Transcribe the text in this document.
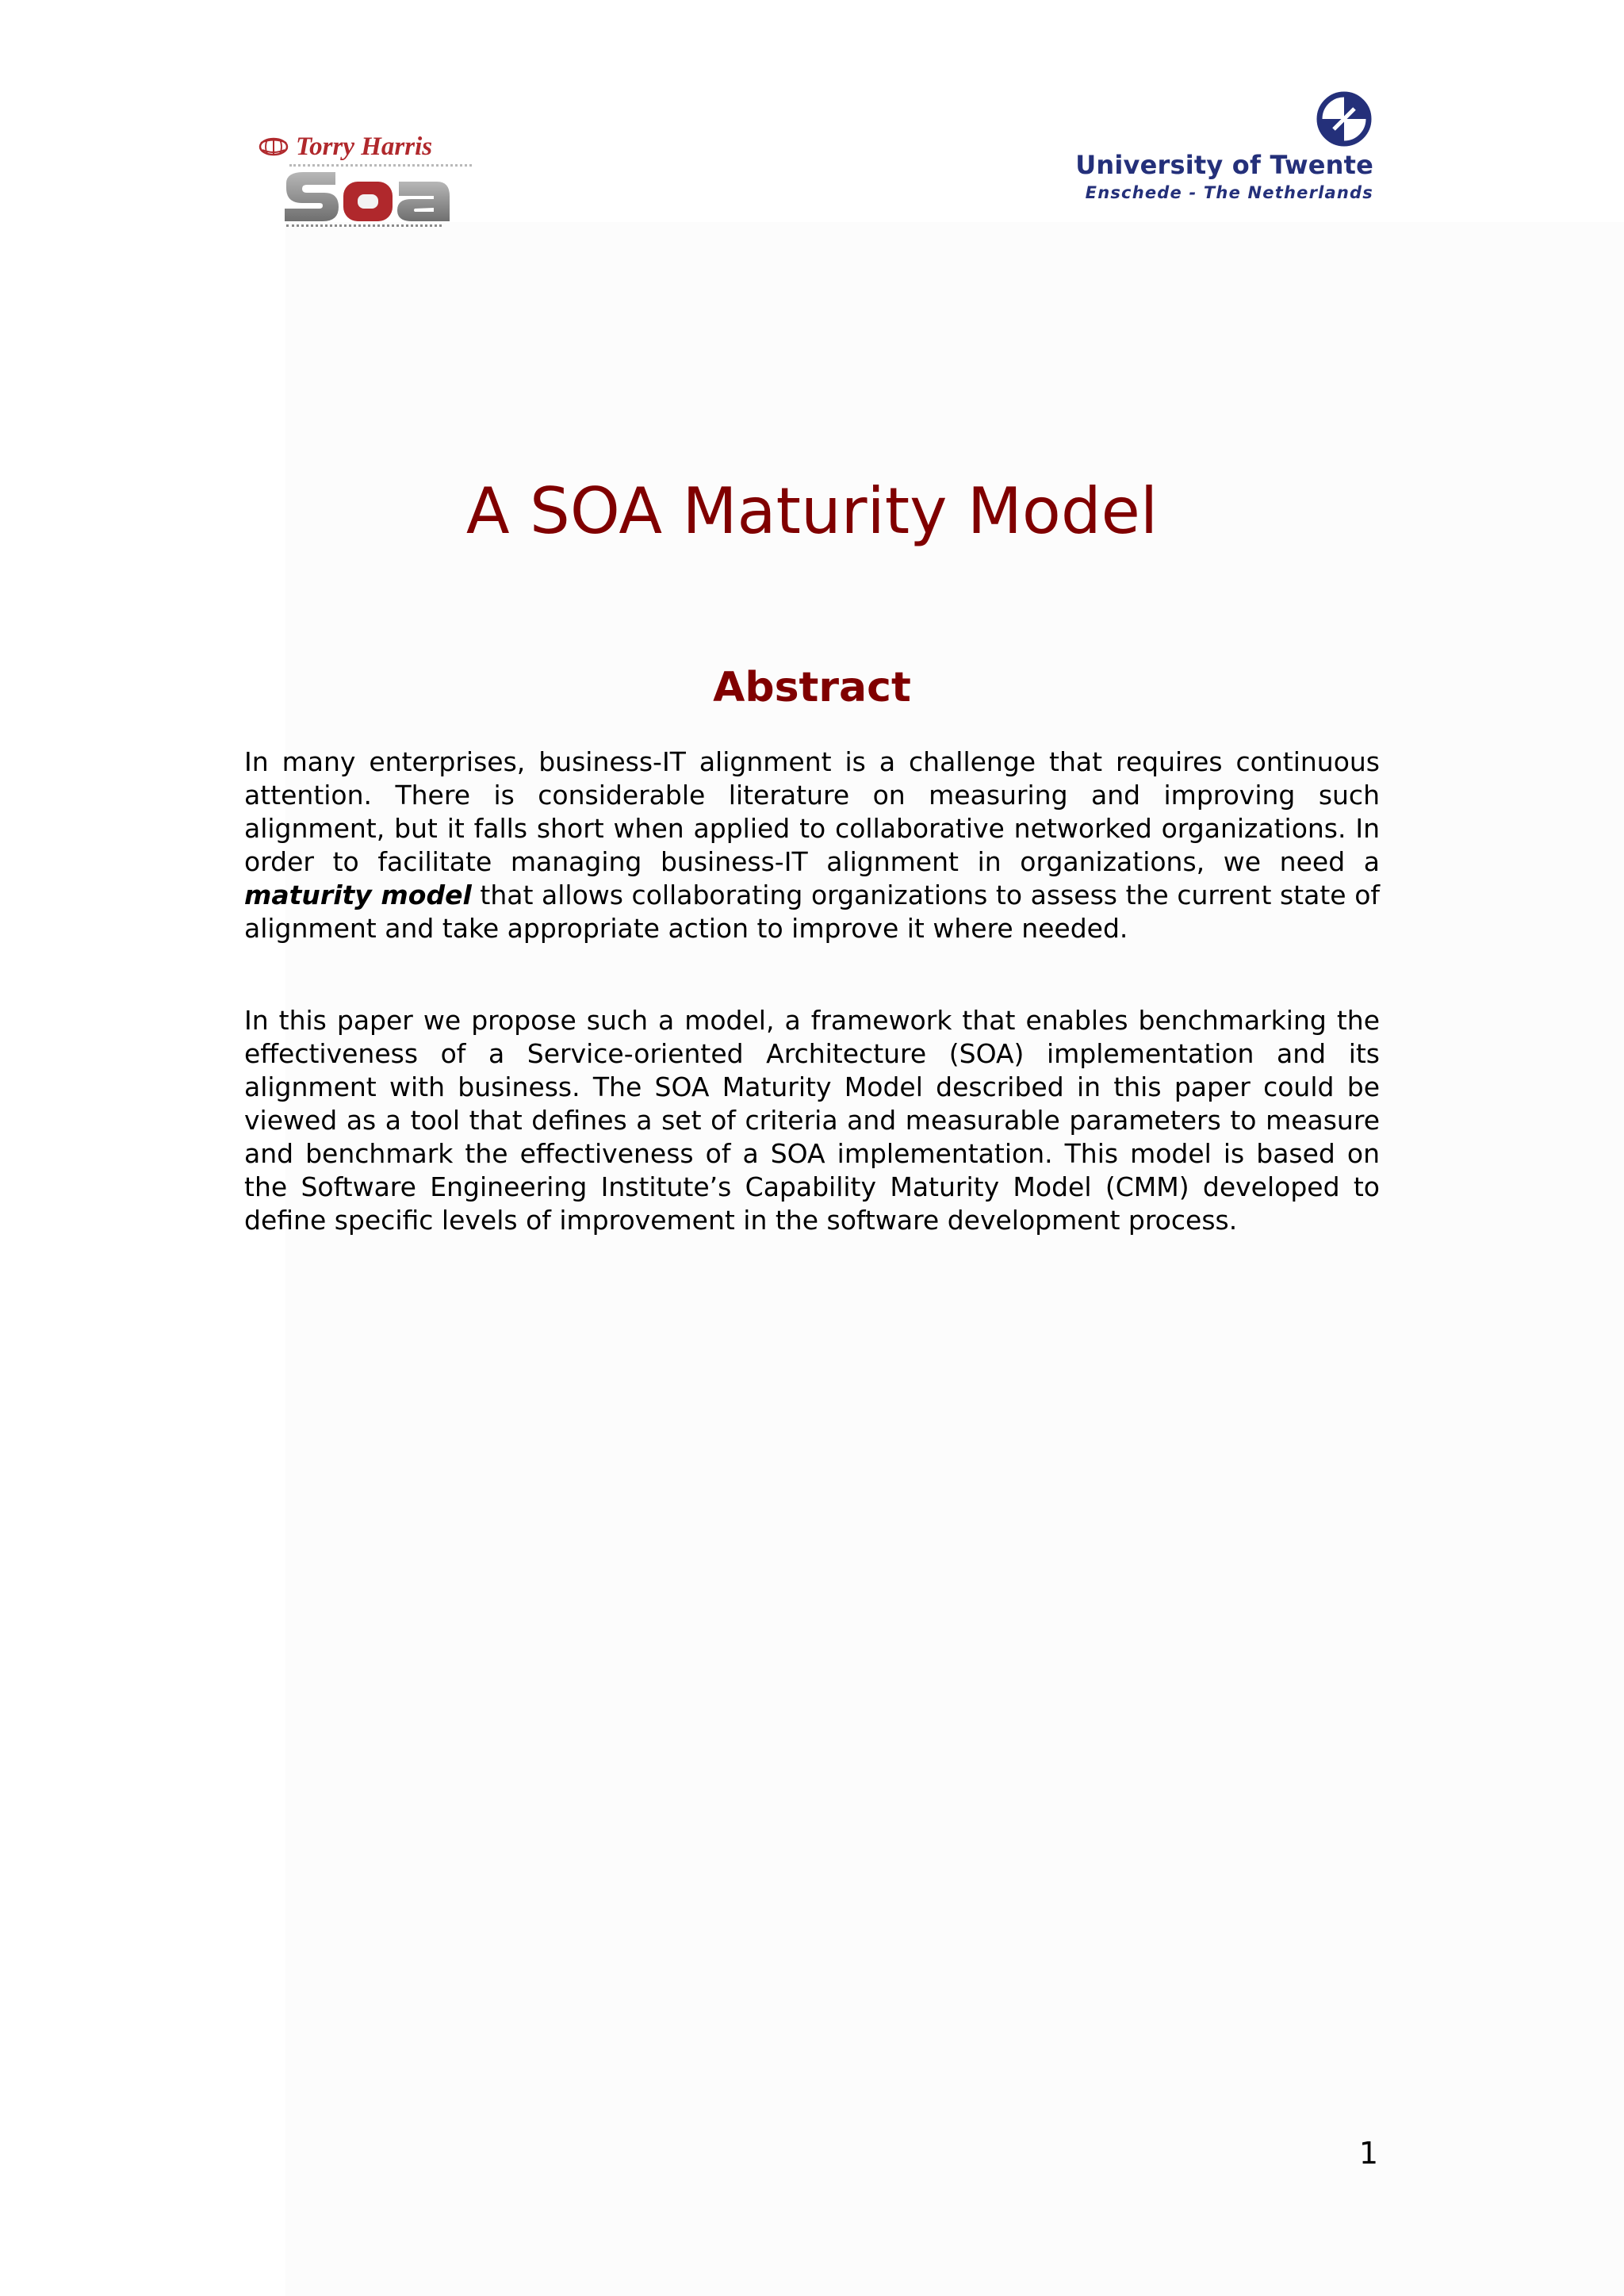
Torry Harris
University of Twente
Enschede - The Netherlands
A SOA Maturity Model
Abstract

In many enterprises, business-IT alignment is a challenge that requires continuous attention. There is considerable literature on measuring and improving such alignment, but it falls short when applied to collaborative networked organizations. In order to facilitate managing business-IT alignment in organizations, we need a maturity model that allows collaborating organizations to assess the current state of alignment and take appropriate action to improve it where needed.

In this paper we propose such a model, a framework that enables benchmarking the effectiveness of a Service-oriented Architecture (SOA) implementation and its alignment with business. The SOA Maturity Model described in this paper could be viewed as a tool that defines a set of criteria and measurable parameters to measure and benchmark the effectiveness of a SOA implementation. This model is based on the Software Engineering Institute’s Capability Maturity Model (CMM) developed to define specific levels of improvement in the software development process.

1
